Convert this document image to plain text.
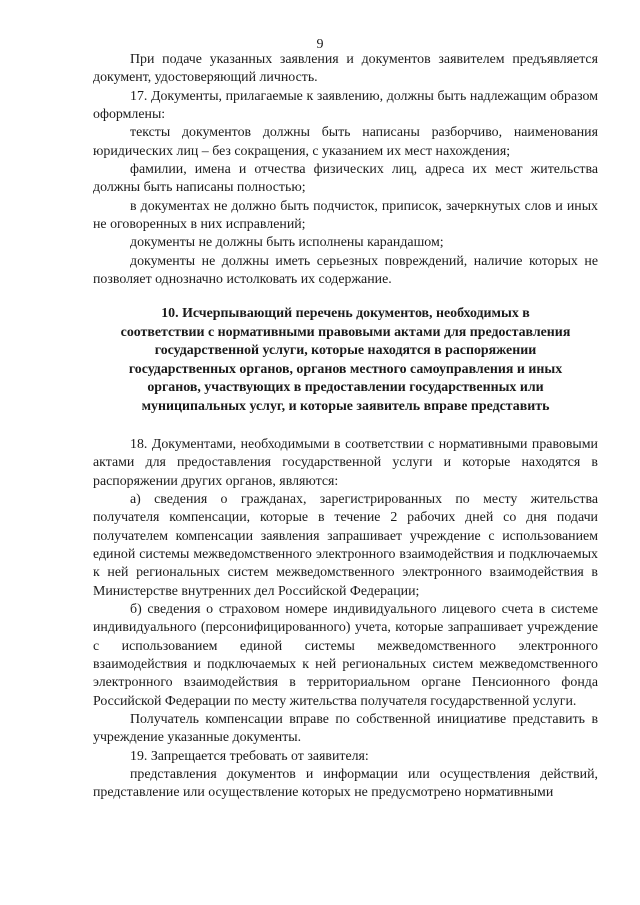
9

При подаче указанных заявления и документов заявителем предъявляется документ, удостоверяющий личность.

17. Документы, прилагаемые к заявлению, должны быть надлежащим образом оформлены:

тексты документов должны быть написаны разборчиво, наименования юридических лиц – без сокращения, с указанием их мест нахождения;

фамилии, имена и отчества физических лиц, адреса их мест жительства должны быть написаны полностью;

в документах не должно быть подчисток, приписок, зачеркнутых слов и иных не оговоренных в них исправлений;

документы не должны быть исполнены карандашом;

документы не должны иметь серьезных повреждений, наличие которых не позволяет однозначно истолковать их содержание.

10. Исчерпывающий перечень документов, необходимых в
соответствии с нормативными правовыми актами для предоставления
государственной услуги, которые находятся в распоряжении
государственных органов, органов местного самоуправления и иных
органов, участвующих в предоставлении государственных или
муниципальных услуг, и которые заявитель вправе представить

18. Документами, необходимыми в соответствии с нормативными правовыми актами для предоставления государственной услуги и которые находятся в распоряжении других органов, являются:

а) сведения о гражданах, зарегистрированных по месту жительства получателя компенсации, которые в течение 2 рабочих дней со дня подачи получателем компенсации заявления запрашивает учреждение с использованием единой системы межведомственного электронного взаимодействия и подключаемых к ней региональных систем межведомственного электронного взаимодействия в Министерстве внутренних дел Российской Федерации;

б) сведения о страховом номере индивидуального лицевого счета в системе индивидуального (персонифицированного) учета, которые запрашивает учреждение с использованием единой системы межведомственного электронного взаимодействия и подключаемых к ней региональных систем межведомственного электронного взаимодействия в территориальном органе Пенсионного фонда Российской Федерации по месту жительства получателя государственной услуги.

Получатель компенсации вправе по собственной инициативе представить в учреждение указанные документы.

19. Запрещается требовать от заявителя:

представления документов и информации или осуществления действий, представление или осуществление которых не предусмотрено нормативными
